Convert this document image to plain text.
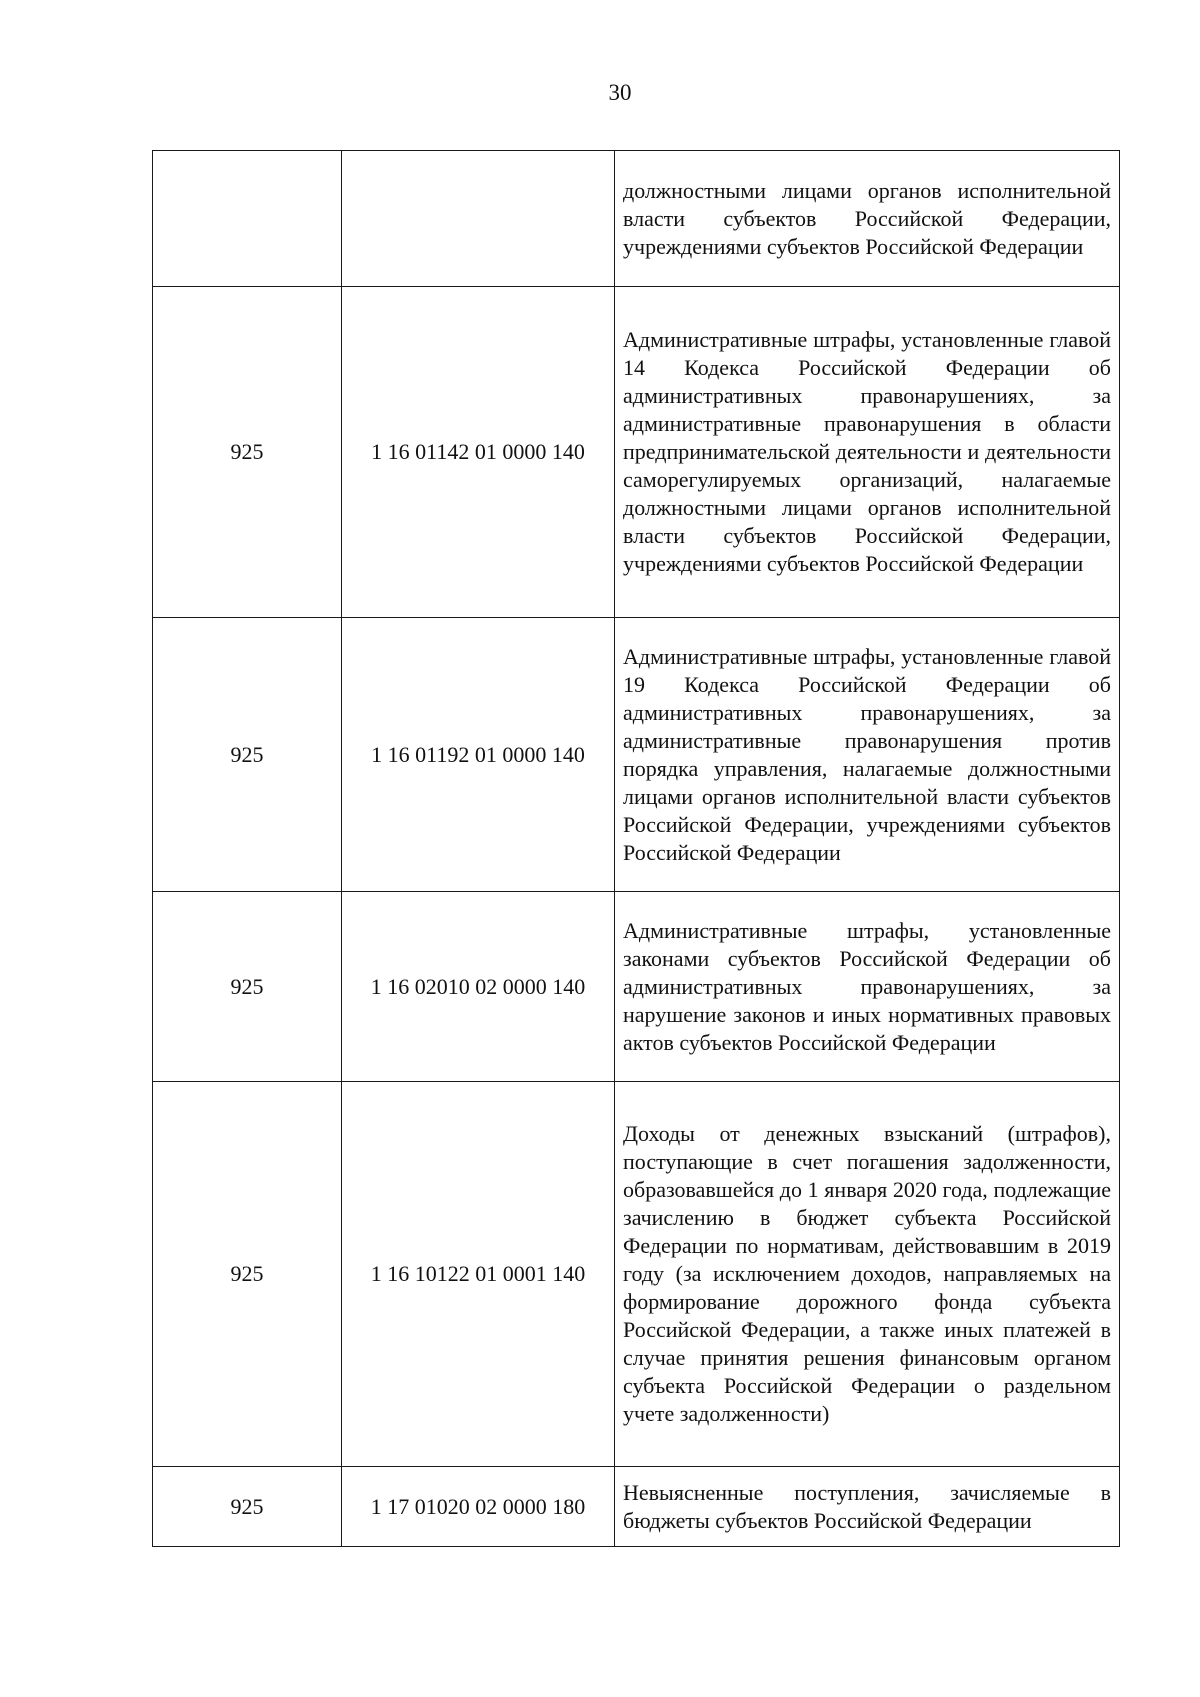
30
		должностными лицами органов исполнительной власти субъектов Российской Федерации, учреждениями субъектов Российской Федерации
925	1 16 01142 01 0000 140	Административные штрафы, установленные главой 14 Кодекса Российской Федерации об административных правонарушениях, за административные правонарушения в области предпринимательской деятельности и деятельности саморегулируемых организаций, налагаемые должностными лицами органов исполнительной власти субъектов Российской Федерации, учреждениями субъектов Российской Федерации
925	1 16 01192 01 0000 140	Административные штрафы, установленные главой 19 Кодекса Российской Федерации об административных правонарушениях, за административные правонарушения против порядка управления, налагаемые должностными лицами органов исполнительной власти субъектов Российской Федерации, учреждениями субъектов Российской Федерации
925	1 16 02010 02 0000 140	Административные штрафы, установленные законами субъектов Российской Федерации об административных правонарушениях, за нарушение законов и иных нормативных правовых актов субъектов Российской Федерации
925	1 16 10122 01 0001 140	Доходы от денежных взысканий (штрафов), поступающие в счет погашения задолженности, образовавшейся до 1 января 2020 года, подлежащие зачислению в бюджет субъекта Российской Федерации по нормативам, действовавшим в 2019 году (за исключением доходов, направляемых на формирование дорожного фонда субъекта Российской Федерации, а также иных платежей в случае принятия решения финансовым органом субъекта Российской Федерации о раздельном учете задолженности)
925	1 17 01020 02 0000 180	Невыясненные поступления, зачисляемые в бюджеты субъектов Российской Федерации
